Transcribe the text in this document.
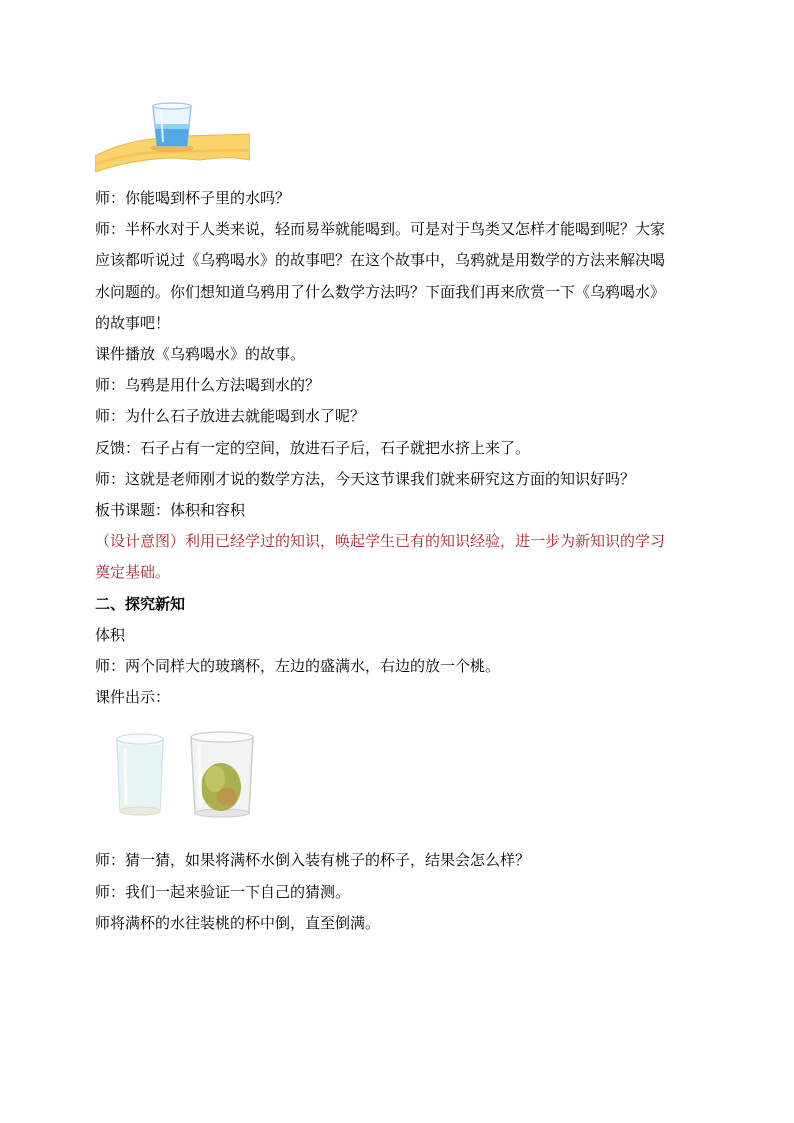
师：你能喝到杯子里的水吗？

师：半杯水对于人类来说，轻而易举就能喝到。可是对于鸟类又怎样才能喝到呢？大家

应该都听说过《乌鸦喝水》的故事吧？在这个故事中，乌鸦就是用数学的方法来解决喝

水问题的。你们想知道乌鸦用了什么数学方法吗？下面我们再来欣赏一下《乌鸦喝水》

的故事吧！

课件播放《乌鸦喝水》的故事。

师：乌鸦是用什么方法喝到水的？

师：为什么石子放进去就能喝到水了呢？

反馈：石子占有一定的空间，放进石子后，石子就把水挤上来了。

师：这就是老师刚才说的数学方法，今天这节课我们就来研究这方面的知识好吗？

板书课题：体积和容积

（设计意图）利用已经学过的知识，唤起学生已有的知识经验，进一步为新知识的学习

奠定基础。

二、探究新知

体积

师：两个同样大的玻璃杯，左边的盛满水，右边的放一个桃。

课件出示：

师：猜一猜，如果将满杯水倒入装有桃子的杯子，结果会怎么样？

师：我们一起来验证一下自己的猜测。

师将满杯的水往装桃的杯中倒，直至倒满。
